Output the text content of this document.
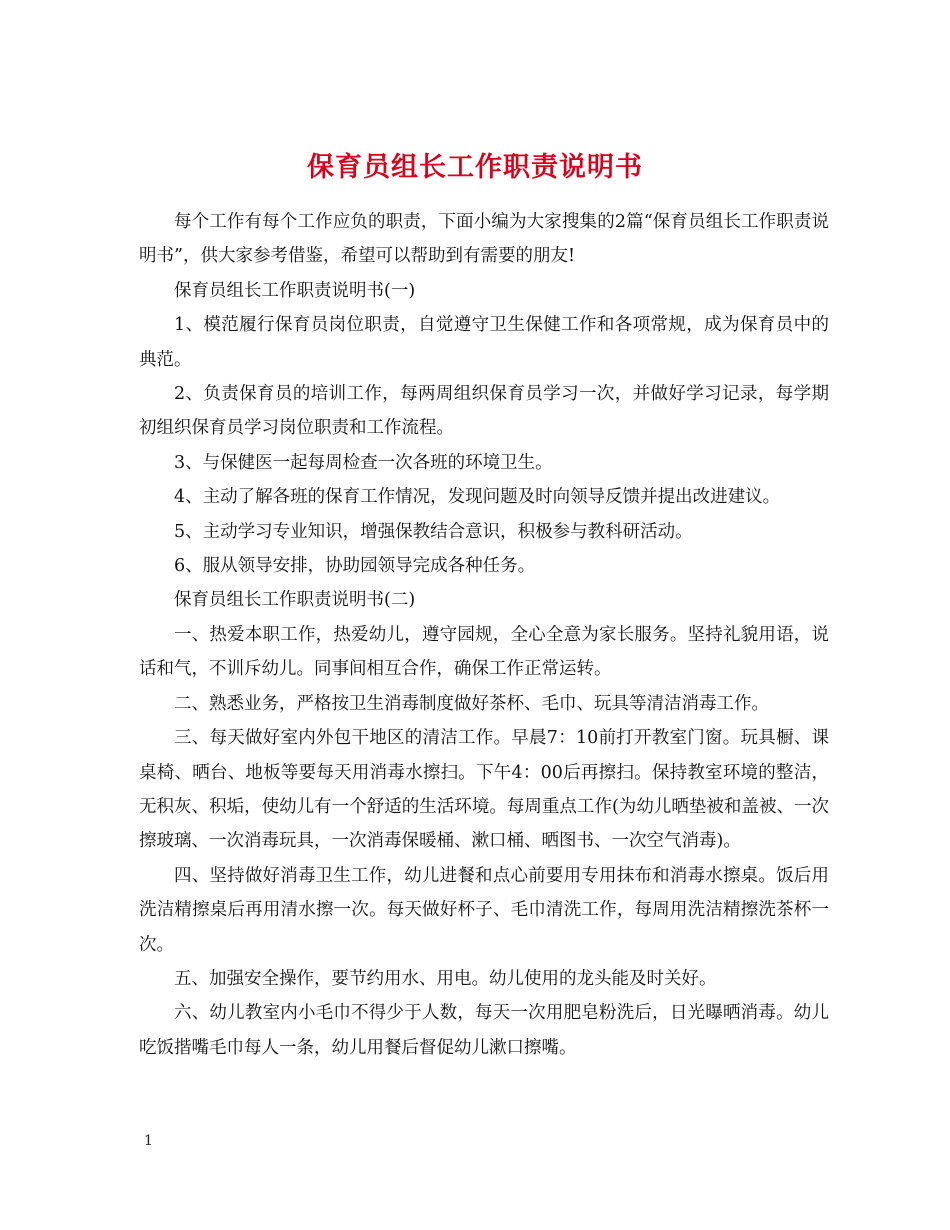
保育员组长工作职责说明书

每个工作有每个工作应负的职责，下面小编为大家搜集的2篇“保育员组长工作职责说明书”，供大家参考借鉴，希望可以帮助到有需要的朋友!

保育员组长工作职责说明书(一)

1、模范履行保育员岗位职责，自觉遵守卫生保健工作和各项常规，成为保育员中的典范。

2、负责保育员的培训工作，每两周组织保育员学习一次，并做好学习记录，每学期初组织保育员学习岗位职责和工作流程。

3、与保健医一起每周检查一次各班的环境卫生。

4、主动了解各班的保育工作情况，发现问题及时向领导反馈并提出改进建议。

5、主动学习专业知识，增强保教结合意识，积极参与教科研活动。

6、服从领导安排，协助园领导完成各种任务。

保育员组长工作职责说明书(二)

一、热爱本职工作，热爱幼儿，遵守园规，全心全意为家长服务。坚持礼貌用语，说话和气，不训斥幼儿。同事间相互合作，确保工作正常运转。

二、熟悉业务，严格按卫生消毒制度做好茶杯、毛巾、玩具等清洁消毒工作。

三、每天做好室内外包干地区的清洁工作。早晨7：10前打开教室门窗。玩具橱、课桌椅、晒台、地板等要每天用消毒水擦扫。下午4：00后再擦扫。保持教室环境的整洁，无积灰、积垢，使幼儿有一个舒适的生活环境。每周重点工作(为幼儿晒垫被和盖被、一次擦玻璃、一次消毒玩具，一次消毒保暖桶、漱口桶、晒图书、一次空气消毒)。

四、坚持做好消毒卫生工作，幼儿进餐和点心前要用专用抹布和消毒水擦桌。饭后用洗洁精擦桌后再用清水擦一次。每天做好杯子、毛巾清洗工作，每周用洗洁精擦洗茶杯一次。

五、加强安全操作，要节约用水、用电。幼儿使用的龙头能及时关好。

六、幼儿教室内小毛巾不得少于人数，每天一次用肥皂粉洗后，日光曝晒消毒。幼儿吃饭揩嘴毛巾每人一条，幼儿用餐后督促幼儿漱口擦嘴。

1
